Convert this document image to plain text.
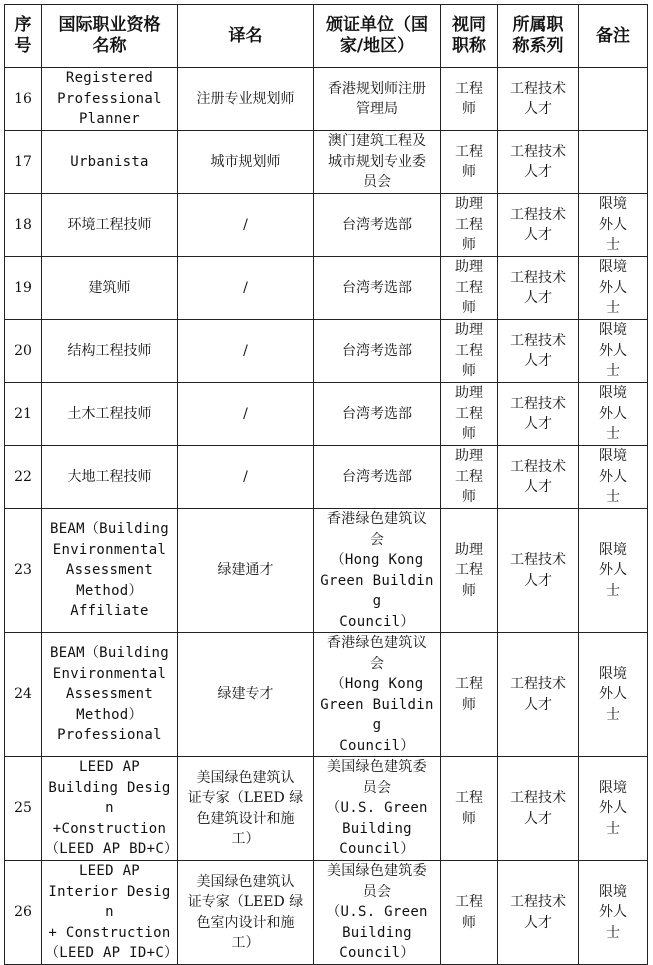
序
号	国际职业资格
名称	译名	颁证单位（国
家/地区）	视同
职称	所属职
称系列	备注
16	Registered
Professional
Planner	注册专业规划师	香港规划师注册
管理局	工程
师	工程技术
人才	
17	Urbanista	城市规划师	澳门建筑工程及
城市规划专业委
员会	工程
师	工程技术
人才	
18	环境工程技师	/	台湾考选部	助理
工程
师	工程技术
人才	限境
外人
士
19	建筑师	/	台湾考选部	助理
工程
师	工程技术
人才	限境
外人
士
20	结构工程技师	/	台湾考选部	助理
工程
师	工程技术
人才	限境
外人
士
21	土木工程技师	/	台湾考选部	助理
工程
师	工程技术
人才	限境
外人
士
22	大地工程技师	/	台湾考选部	助理
工程
师	工程技术
人才	限境
外人
士
23	BEAM（Building
Environmental
Assessment
Method）
Affiliate	绿建通才	香港绿色建筑议
会
（Hong Kong
Green Building
Council）	助理
工程
师	工程技术
人才	限境
外人
士
24	BEAM（Building
Environmental
Assessment
Method）
Professional	绿建专才	香港绿色建筑议
会
（Hong Kong
Green Building
Council）	工程
师	工程技术
人才	限境
外人
士
25	LEED AP
Building Design
+Construction
（LEED AP BD+C）	美国绿色建筑认
证专家（LEED 绿
色建筑设计和施
工）	美国绿色建筑委
员会
（U.S. Green
Building
Council）	工程
师	工程技术
人才	限境
外人
士
26	LEED AP
Interior Design
+ Construction
（LEED AP ID+C）	美国绿色建筑认
证专家（LEED 绿
色室内设计和施
工）	美国绿色建筑委
员会
（U.S. Green
Building
Council）	工程
师	工程技术
人才	限境
外人
士
